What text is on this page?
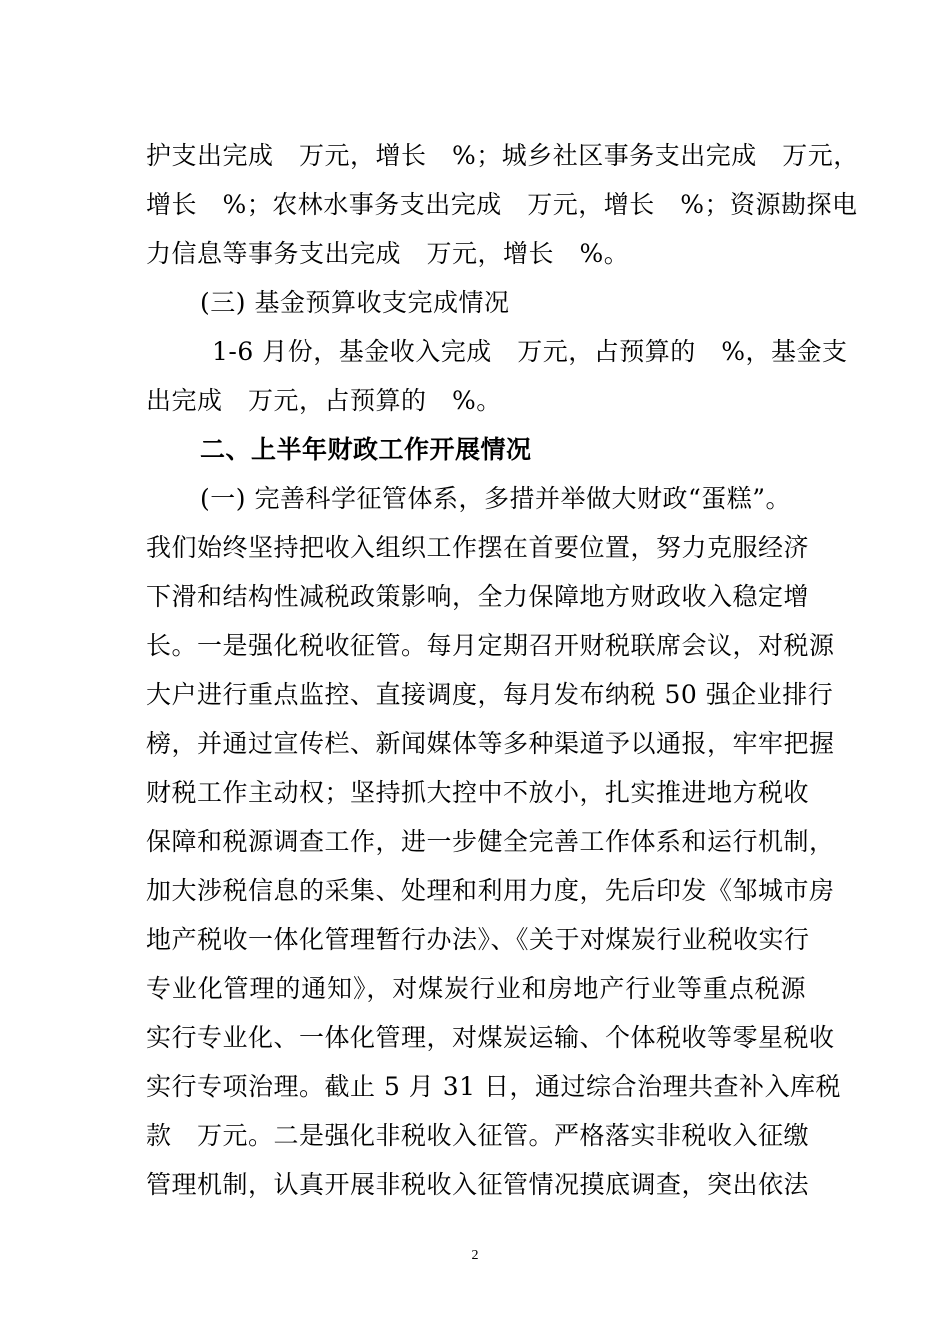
护支出完成　万元，增长　%；城乡社区事务支出完成　万元，
增长　%；农林水事务支出完成　万元，增长　%；资源勘探电
力信息等事务支出完成　万元，增长　%。
(三) 基金预算收支完成情况
1-6 月份，基金收入完成　万元，占预算的　%，基金支
出完成　万元，占预算的　%。
二、上半年财政工作开展情况
(一) 完善科学征管体系，多措并举做大财政“蛋糕”。
我们始终坚持把收入组织工作摆在首要位置，努力克服经济
下滑和结构性减税政策影响，全力保障地方财政收入稳定增
长。一是强化税收征管。每月定期召开财税联席会议，对税源
大户进行重点监控、直接调度，每月发布纳税 50 强企业排行
榜，并通过宣传栏、新闻媒体等多种渠道予以通报，牢牢把握
财税工作主动权；坚持抓大控中不放小，扎实推进地方税收
保障和税源调查工作，进一步健全完善工作体系和运行机制，
加大涉税信息的采集、处理和利用力度，先后印发《邹城市房
地产税收一体化管理暂行办法》、《关于对煤炭行业税收实行
专业化管理的通知》，对煤炭行业和房地产行业等重点税源
实行专业化、一体化管理，对煤炭运输、个体税收等零星税收
实行专项治理。截止 5 月 31 日，通过综合治理共查补入库税
款　万元。二是强化非税收入征管。严格落实非税收入征缴
管理机制，认真开展非税收入征管情况摸底调查，突出依法
2
